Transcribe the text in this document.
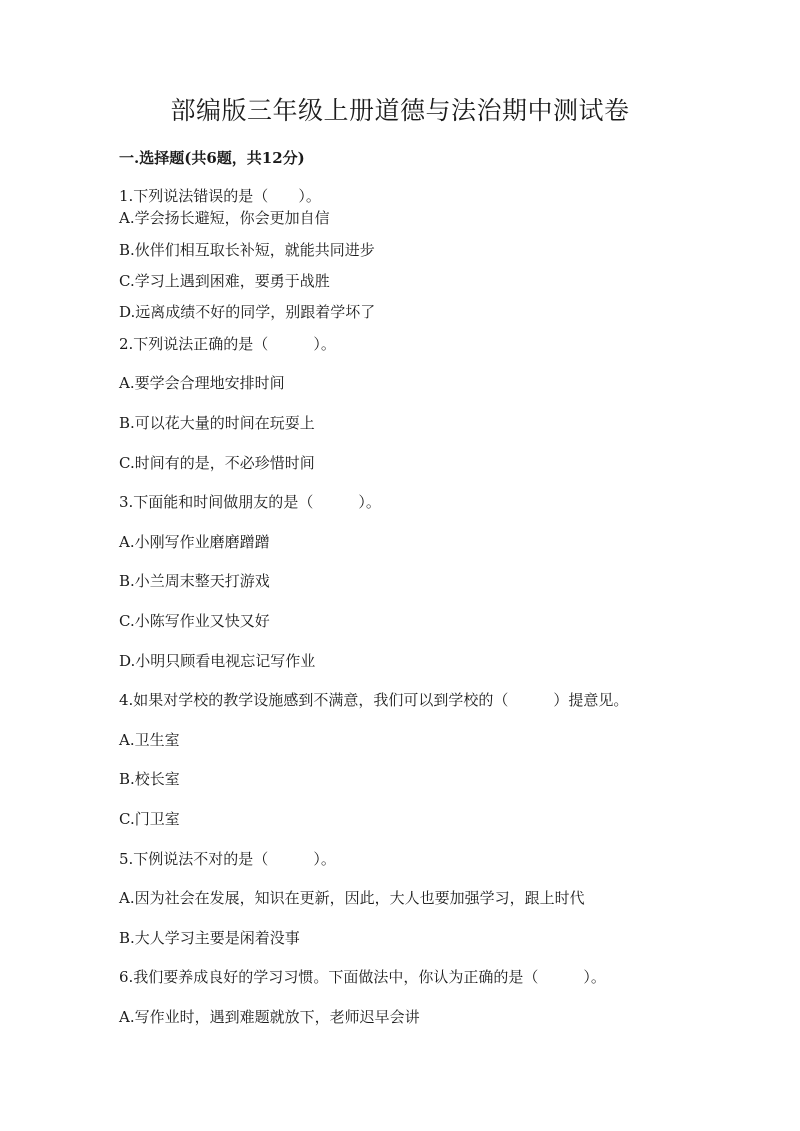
部编版三年级上册道德与法治期中测试卷
一.选择题(共6题，共12分)

1.下列说法错误的是（　　）。

A.学会扬长避短，你会更加自信

B.伙伴们相互取长补短，就能共同进步

C.学习上遇到困难，要勇于战胜

D.远离成绩不好的同学，别跟着学坏了

2.下列说法正确的是（　　　）。

A.要学会合理地安排时间

B.可以花大量的时间在玩耍上

C.时间有的是，不必珍惜时间

3.下面能和时间做朋友的是（　　　）。

A.小刚写作业磨磨蹭蹭

B.小兰周末整天打游戏

C.小陈写作业又快又好

D.小明只顾看电视忘记写作业

4.如果对学校的教学设施感到不满意，我们可以到学校的（　　　）提意见。

A.卫生室

B.校长室

C.门卫室

5.下例说法不对的是（　　　）。

A.因为社会在发展，知识在更新，因此，大人也要加强学习，跟上时代

B.大人学习主要是闲着没事

6.我们要养成良好的学习习惯。下面做法中，你认为正确的是（　　　）。

A.写作业时，遇到难题就放下，老师迟早会讲
